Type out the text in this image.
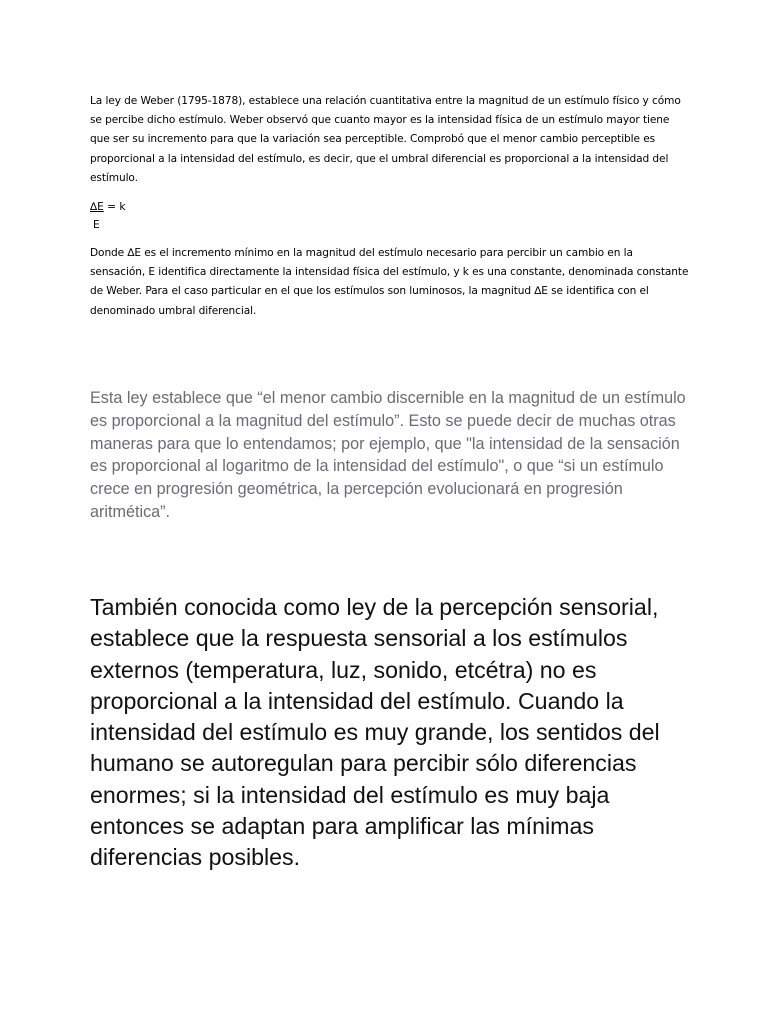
La ley de Weber (1795-1878), establece una relación cuantitativa entre la magnitud de un estímulo físico y cómo se percibe dicho estímulo. Weber observó que cuanto mayor es la intensidad física de un estímulo mayor tiene que ser su incremento para que la variación sea perceptible. Comprobó que el menor cambio perceptible es proporcional a la intensidad del estímulo, es decir, que el umbral diferencial es proporcional a la intensidad del estímulo.

∆E = k
E

Donde ∆E es el incremento mínimo en la magnitud del estímulo necesario para percibir un cambio en la sensación, E identifica directamente la intensidad física del estímulo, y k es una constante, denominada constante de Weber. Para el caso particular en el que los estímulos son luminosos, la magnitud ∆E se identifica con el denominado umbral diferencial.

Esta ley establece que “el menor cambio discernible en la magnitud de un estímulo es proporcional a la magnitud del estímulo”. Esto se puede decir de muchas otras maneras para que lo entendamos; por ejemplo, que "la intensidad de la sensación es proporcional al logaritmo de la intensidad del estímulo", o que “si un estímulo crece en progresión geométrica, la percepción evolucionará en progresión aritmética”.

También conocida como ley de la percepción sensorial, establece que la respuesta sensorial a los estímulos externos (temperatura, luz, sonido, etcétra) no es proporcional a la intensidad del estímulo. Cuando la intensidad del estímulo es muy grande, los sentidos del humano se autoregulan para percibir sólo diferencias enormes; si la intensidad del estímulo es muy baja entonces se adaptan para amplificar las mínimas diferencias posibles.
